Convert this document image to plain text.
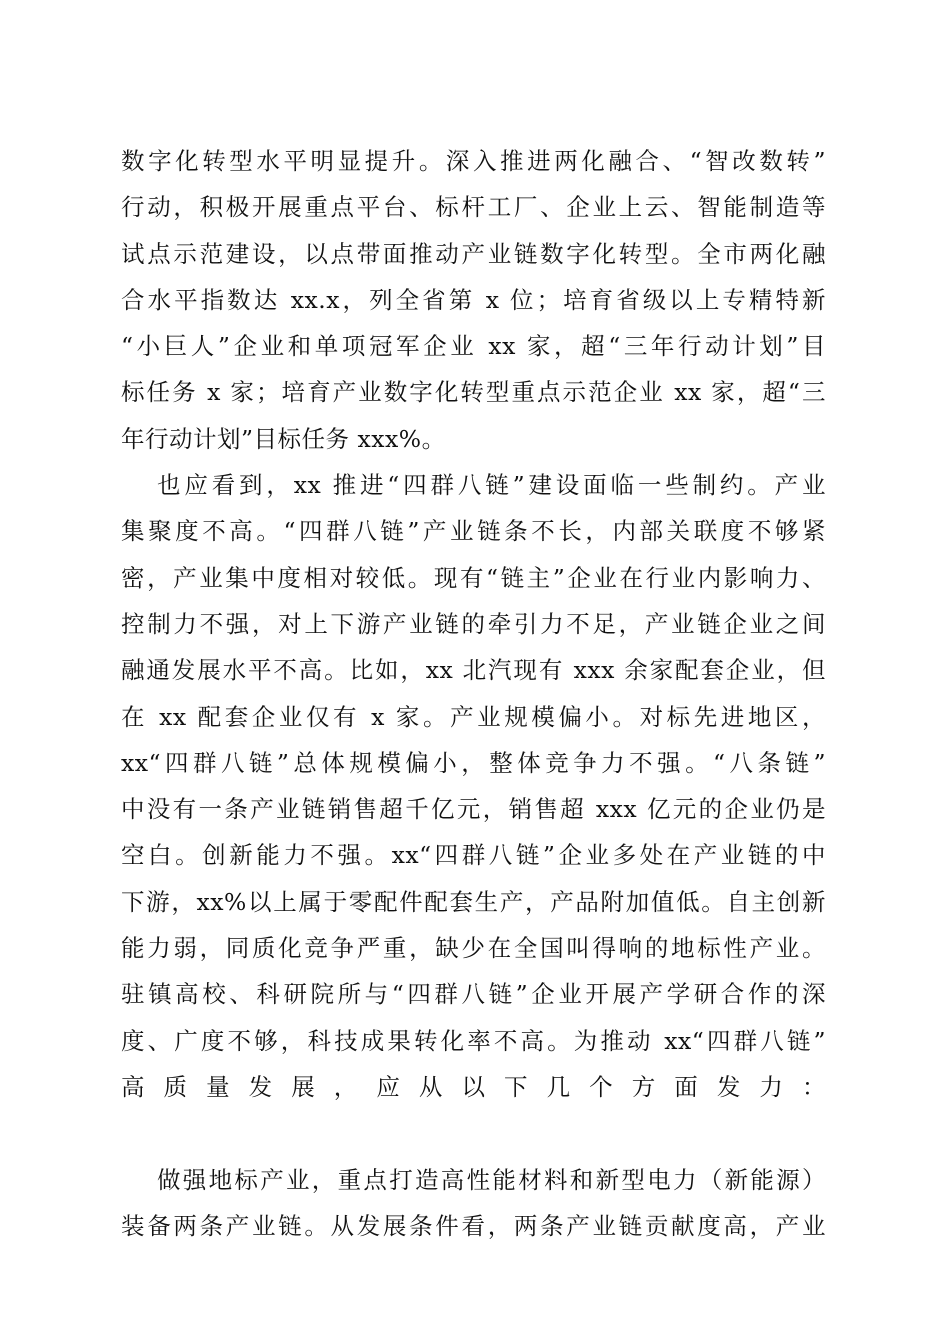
数字化转型水平明显提升。深入推进两化融合、“智改数转”
行动，积极开展重点平台、标杆工厂、企业上云、智能制造等
试点示范建设，以点带面推动产业链数字化转型。全市两化融
合水平指数达 xx.x，列全省第 x 位；培育省级以上专精特新
“小巨人”企业和单项冠军企业 xx 家，超“三年行动计划”目
标任务 x 家；培育产业数字化转型重点示范企业 xx 家，超“三
年行动计划”目标任务 xxx%。
也应看到，xx 推进“四群八链”建设面临一些制约。产业
集聚度不高。“四群八链”产业链条不长，内部关联度不够紧
密，产业集中度相对较低。现有“链主”企业在行业内影响力、
控制力不强，对上下游产业链的牵引力不足，产业链企业之间
融通发展水平不高。比如，xx 北汽现有 xxx 余家配套企业，但
在 xx 配套企业仅有 x 家。产业规模偏小。对标先进地区，
xx“四群八链”总体规模偏小，整体竞争力不强。“八条链”
中没有一条产业链销售超千亿元，销售超 xxx 亿元的企业仍是
空白。创新能力不强。xx“四群八链”企业多处在产业链的中
下游，xx%以上属于零配件配套生产，产品附加值低。自主创新
能力弱，同质化竞争严重，缺少在全国叫得响的地标性产业。
驻镇高校、科研院所与“四群八链”企业开展产学研合作的深
度、广度不够，科技成果转化率不高。为推动 xx“四群八链”
高质量发展，应从以下几个方面发力：
做强地标产业，重点打造高性能材料和新型电力（新能源）
装备两条产业链。从发展条件看，两条产业链贡献度高，产业
